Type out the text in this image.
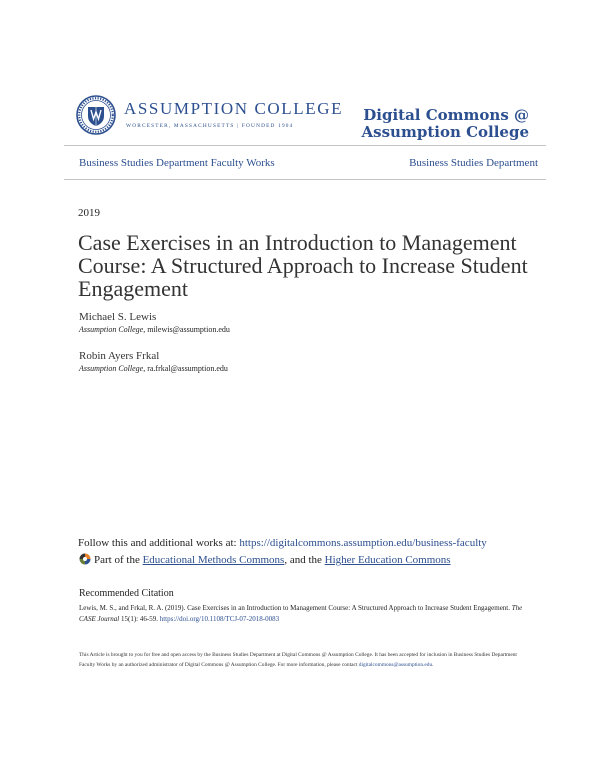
ASSUMPTION COLLEGE
WORCESTER, MASSACHUSETTS | FOUNDED 1904
Digital Commons @
Assumption College
Business Studies Department Faculty Works	Business Studies Department
2019
Case Exercises in an Introduction to Management Course: A Structured Approach to Increase Student Engagement
Michael S. Lewis
Assumption College, milewis@assumption.edu
Robin Ayers Frkal
Assumption College, ra.frkal@assumption.edu
Follow this and additional works at: https://digitalcommons.assumption.edu/business-faculty
Part of the Educational Methods Commons, and the Higher Education Commons
Recommended Citation
Lewis, M. S., and Frkal, R. A. (2019). Case Exercises in an Introduction to Management Course: A Structured Approach to Increase Student Engagement. The CASE Journal 15(1): 46-59. https://doi.org/10.1108/TCJ-07-2018-0083
This Article is brought to you for free and open access by the Business Studies Department at Digital Commons @ Assumption College. It has been accepted for inclusion in Business Studies Department Faculty Works by an authorized administrator of Digital Commons @ Assumption College. For more information, please contact digitalcommons@assumption.edu.
